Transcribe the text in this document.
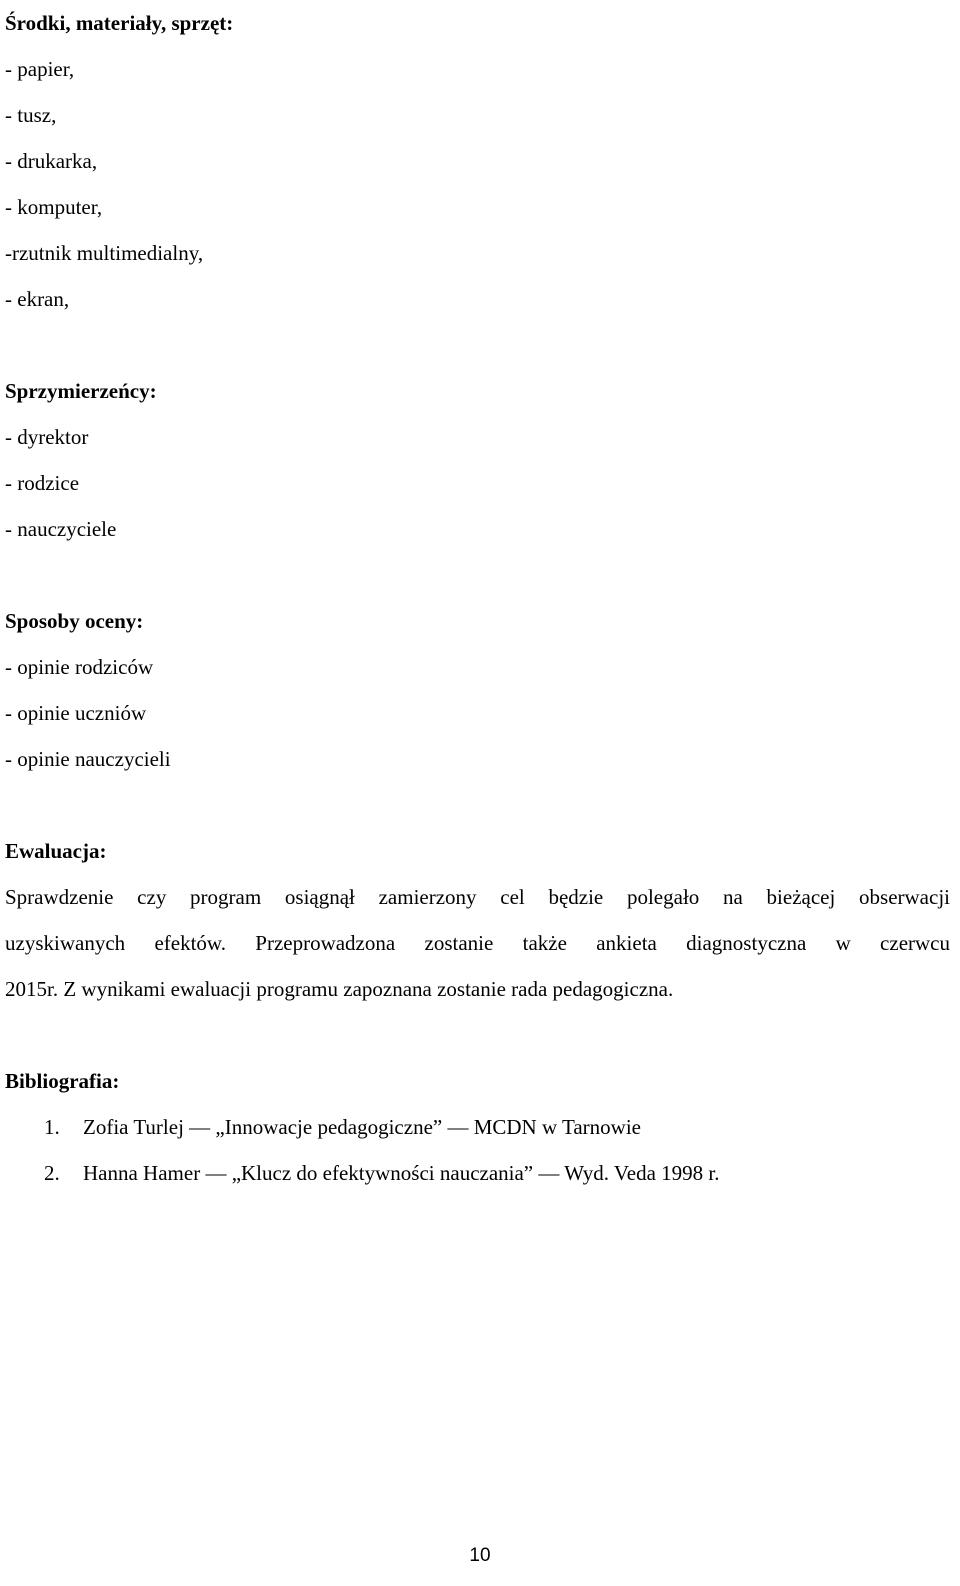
Środki, materiały, sprzęt:

- papier,

- tusz,

- drukarka,

- komputer,

-rzutnik multimedialny,

- ekran,

Sprzymierzeńcy:

- dyrektor

- rodzice

- nauczyciele

Sposoby oceny:

- opinie rodziców

- opinie uczniów

- opinie nauczycieli

Ewaluacja:

Sprawdzenie czy program osiągnął zamierzony cel będzie polegało na bieżącej obserwacji

uzyskiwanych efektów. Przeprowadzona zostanie także ankieta diagnostyczna w czerwcu

2015r. Z wynikami ewaluacji programu zapoznana zostanie rada pedagogiczna.

Bibliografia:

1. Zofia Turlej — „Innowacje pedagogiczne” — MCDN w Tarnowie
2. Hanna Hamer — „Klucz do efektywności nauczania” — Wyd. Veda 1998 r.
10
